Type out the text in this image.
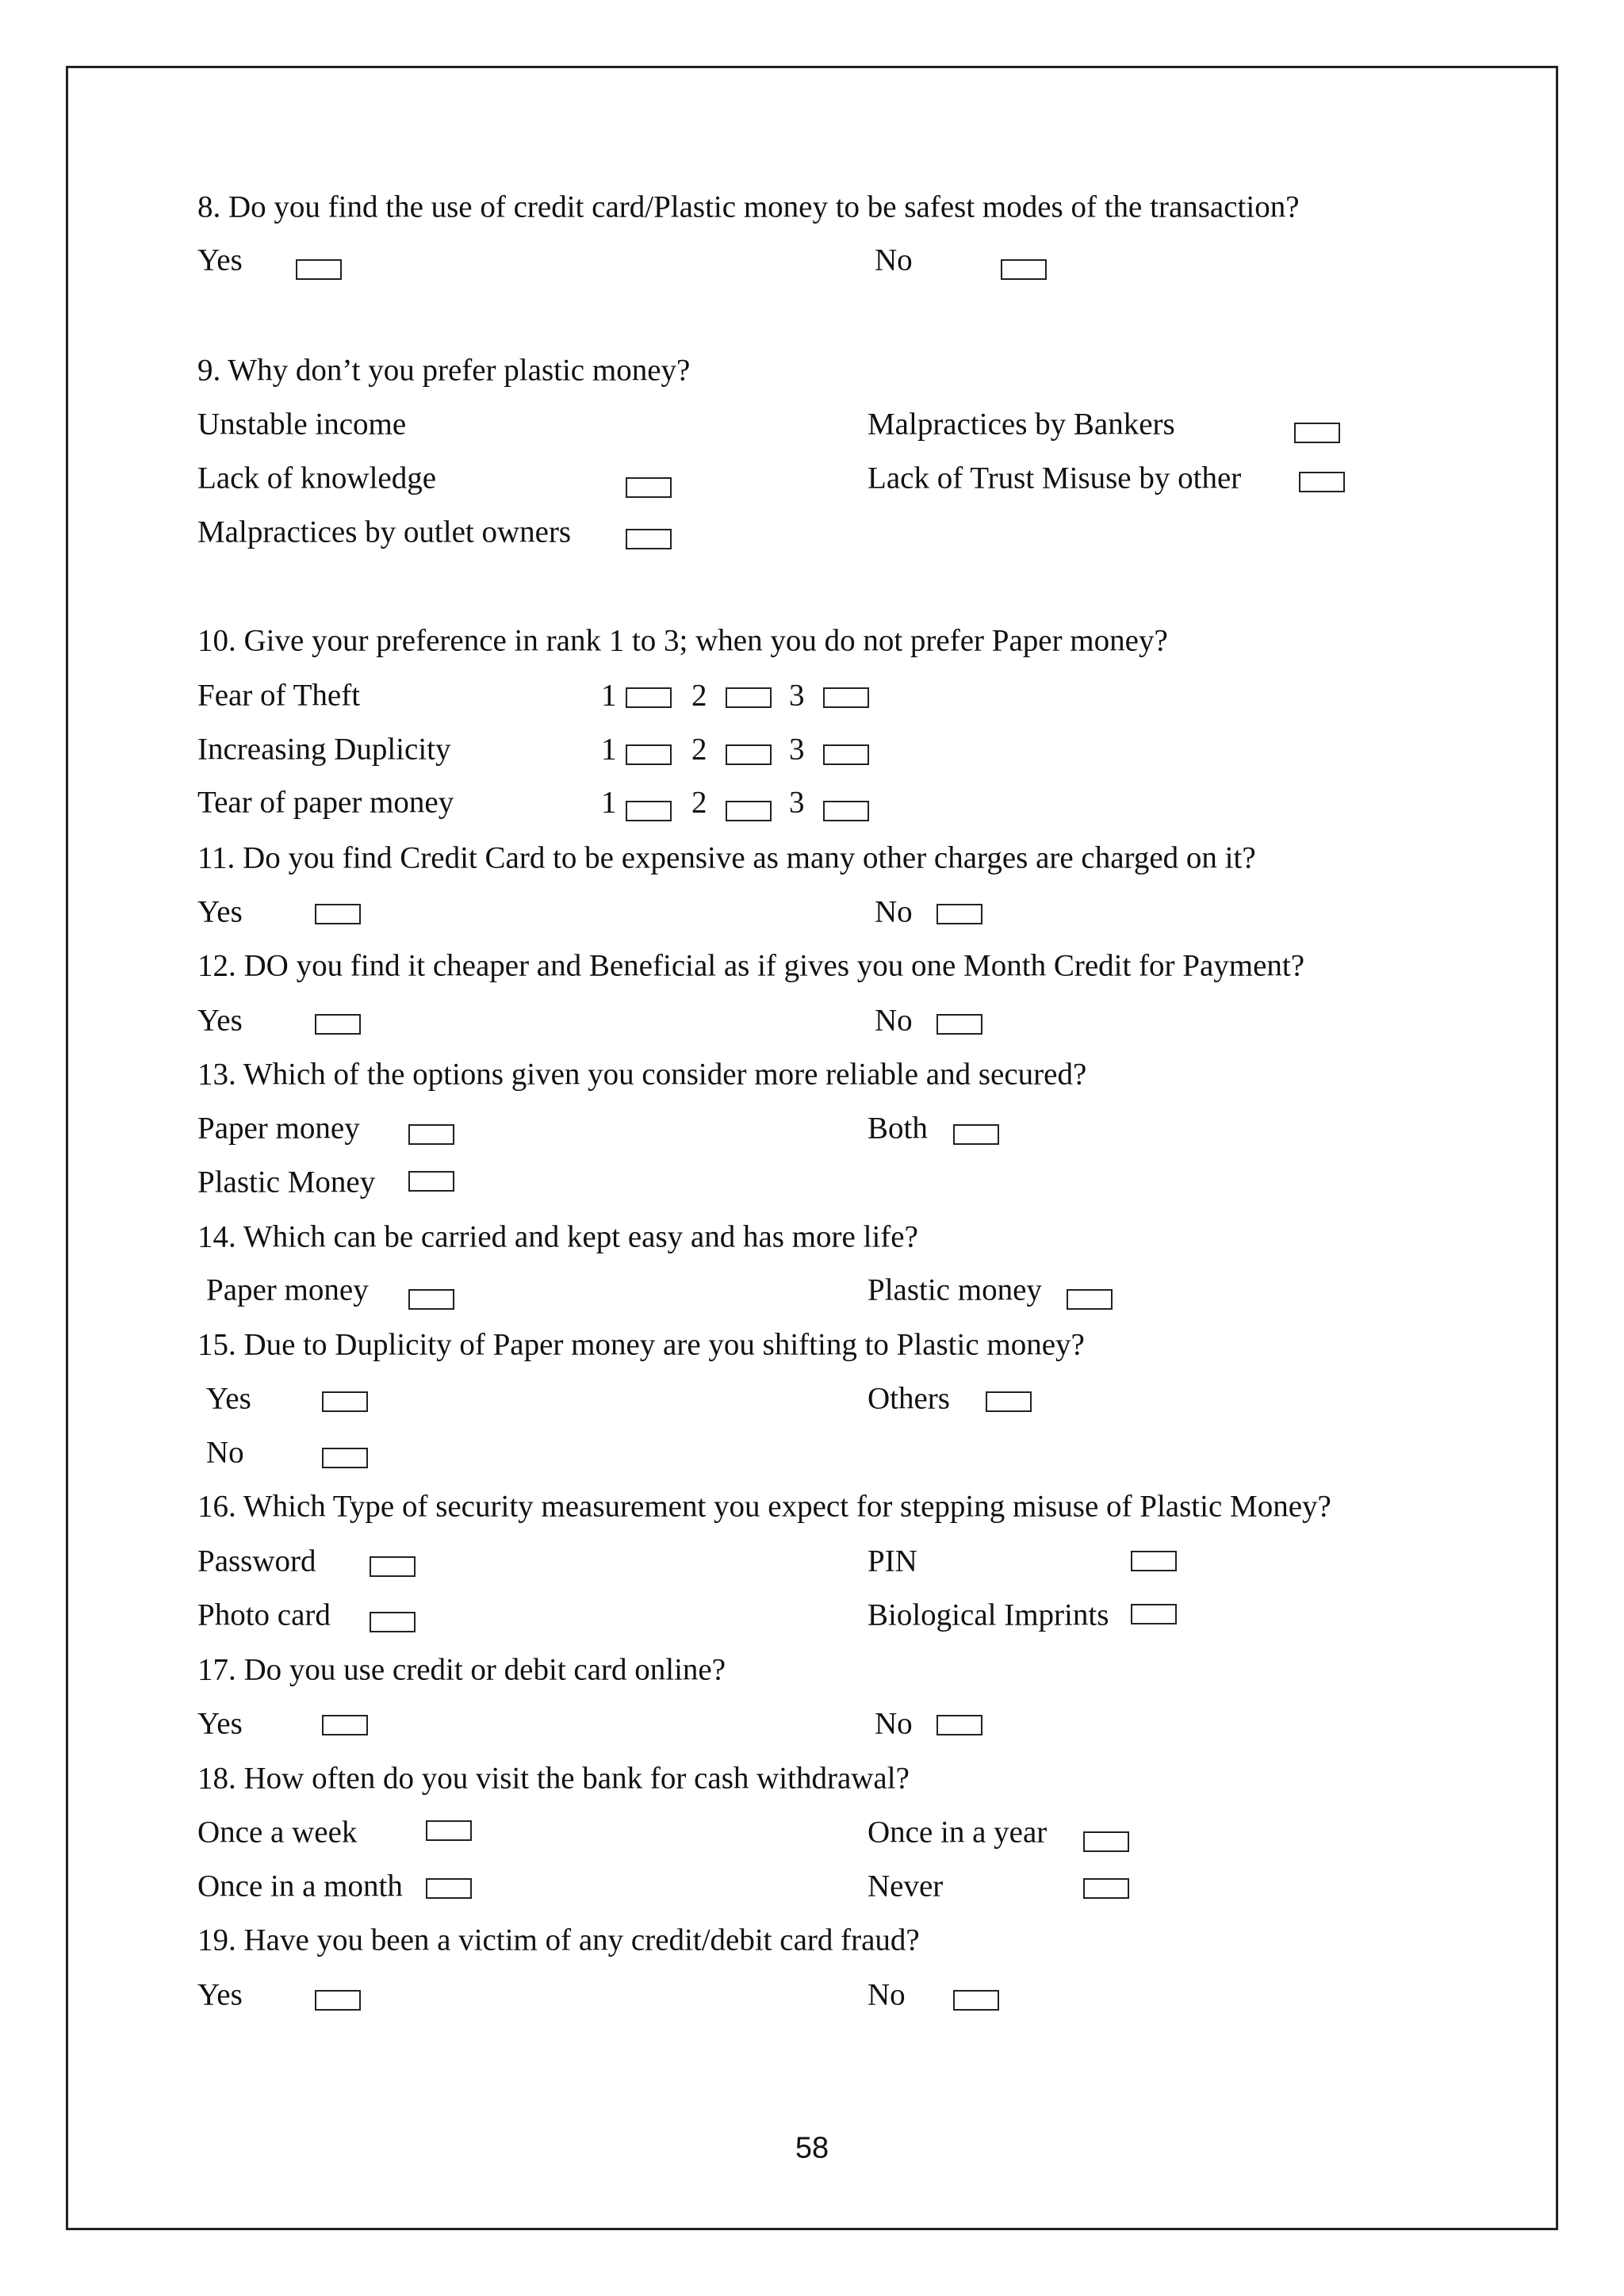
8. Do you find the use of credit card/Plastic money to be safest modes of the transaction?
Yes	No
9. Why don’t you prefer plastic money?
Unstable income	Malpractices by Bankers
Lack of knowledge	Lack of Trust Misuse by other
Malpractices by outlet owners
10. Give your preference in rank 1 to 3; when you do not prefer Paper money?
Fear of Theft	1 2	3
Increasing Duplicity	1 2	3
Tear of paper money	1 2	3
11. Do you find Credit Card to be expensive as many other charges are charged on it?
Yes	No
12. DO you find it cheaper and Beneficial as if gives you one Month Credit for Payment?
Yes	No
13. Which of the options given you consider more reliable and secured?
Paper money	Both
Plastic Money
14. Which can be carried and kept easy and has more life?
Paper money	Plastic money
15. Due to Duplicity of Paper money are you shifting to Plastic money?
Yes	Others
No
16. Which Type of security measurement you expect for stepping misuse of Plastic Money?
Password	PIN
Photo card	Biological Imprints
17. Do you use credit or debit card online?
Yes	No
18. How often do you visit the bank for cash withdrawal?
Once a week	Once in a year
Once in a month	Never
19. Have you been a victim of any credit/debit card fraud?
Yes	No
58
